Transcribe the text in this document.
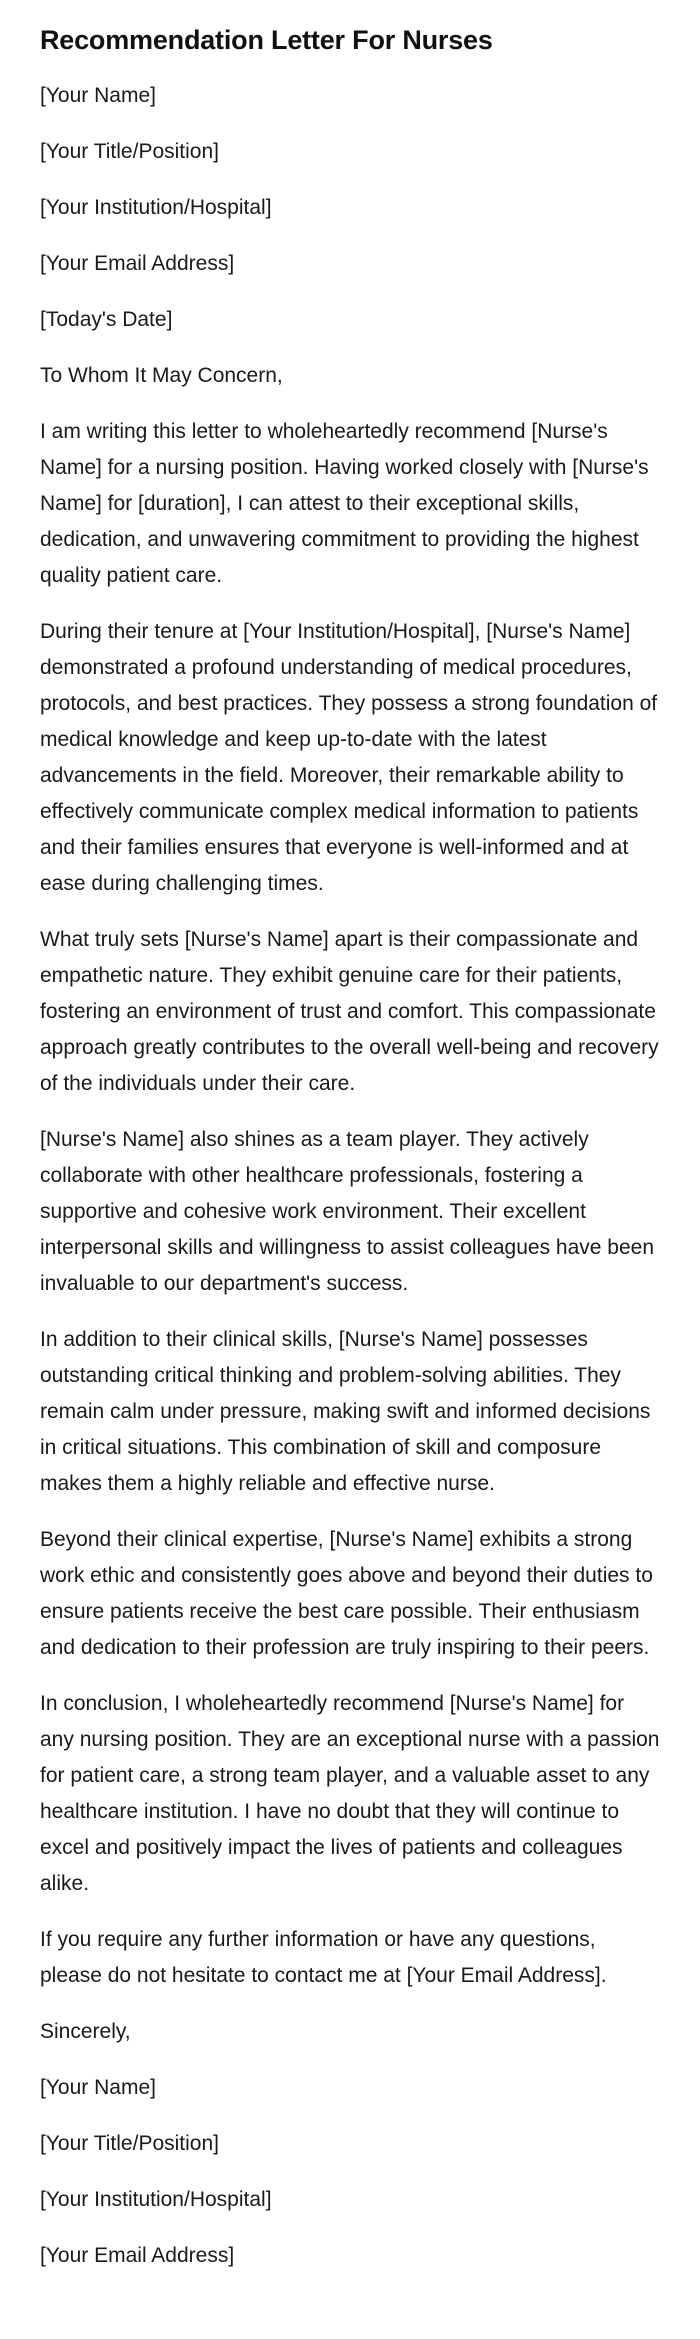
Recommendation Letter For Nurses

[Your Name]

[Your Title/Position]

[Your Institution/Hospital]

[Your Email Address]

[Today's Date]

To Whom It May Concern,

I am writing this letter to wholeheartedly recommend [Nurse's Name] for a nursing position. Having worked closely with [Nurse's Name] for [duration], I can attest to their exceptional skills, dedication, and unwavering commitment to providing the highest quality patient care.

During their tenure at [Your Institution/Hospital], [Nurse's Name] demonstrated a profound understanding of medical procedures, protocols, and best practices. They possess a strong foundation of medical knowledge and keep up-to-date with the latest advancements in the field. Moreover, their remarkable ability to effectively communicate complex medical information to patients and their families ensures that everyone is well-informed and at ease during challenging times.

What truly sets [Nurse's Name] apart is their compassionate and empathetic nature. They exhibit genuine care for their patients, fostering an environment of trust and comfort. This compassionate approach greatly contributes to the overall well-being and recovery of the individuals under their care.

[Nurse's Name] also shines as a team player. They actively collaborate with other healthcare professionals, fostering a supportive and cohesive work environment. Their excellent interpersonal skills and willingness to assist colleagues have been invaluable to our department's success.

In addition to their clinical skills, [Nurse's Name] possesses outstanding critical thinking and problem-solving abilities. They remain calm under pressure, making swift and informed decisions in critical situations. This combination of skill and composure makes them a highly reliable and effective nurse.

Beyond their clinical expertise, [Nurse's Name] exhibits a strong work ethic and consistently goes above and beyond their duties to ensure patients receive the best care possible. Their enthusiasm and dedication to their profession are truly inspiring to their peers.

In conclusion, I wholeheartedly recommend [Nurse's Name] for any nursing position. They are an exceptional nurse with a passion for patient care, a strong team player, and a valuable asset to any healthcare institution. I have no doubt that they will continue to excel and positively impact the lives of patients and colleagues alike.

If you require any further information or have any questions, please do not hesitate to contact me at [Your Email Address].

Sincerely,

[Your Name]

[Your Title/Position]

[Your Institution/Hospital]

[Your Email Address]
